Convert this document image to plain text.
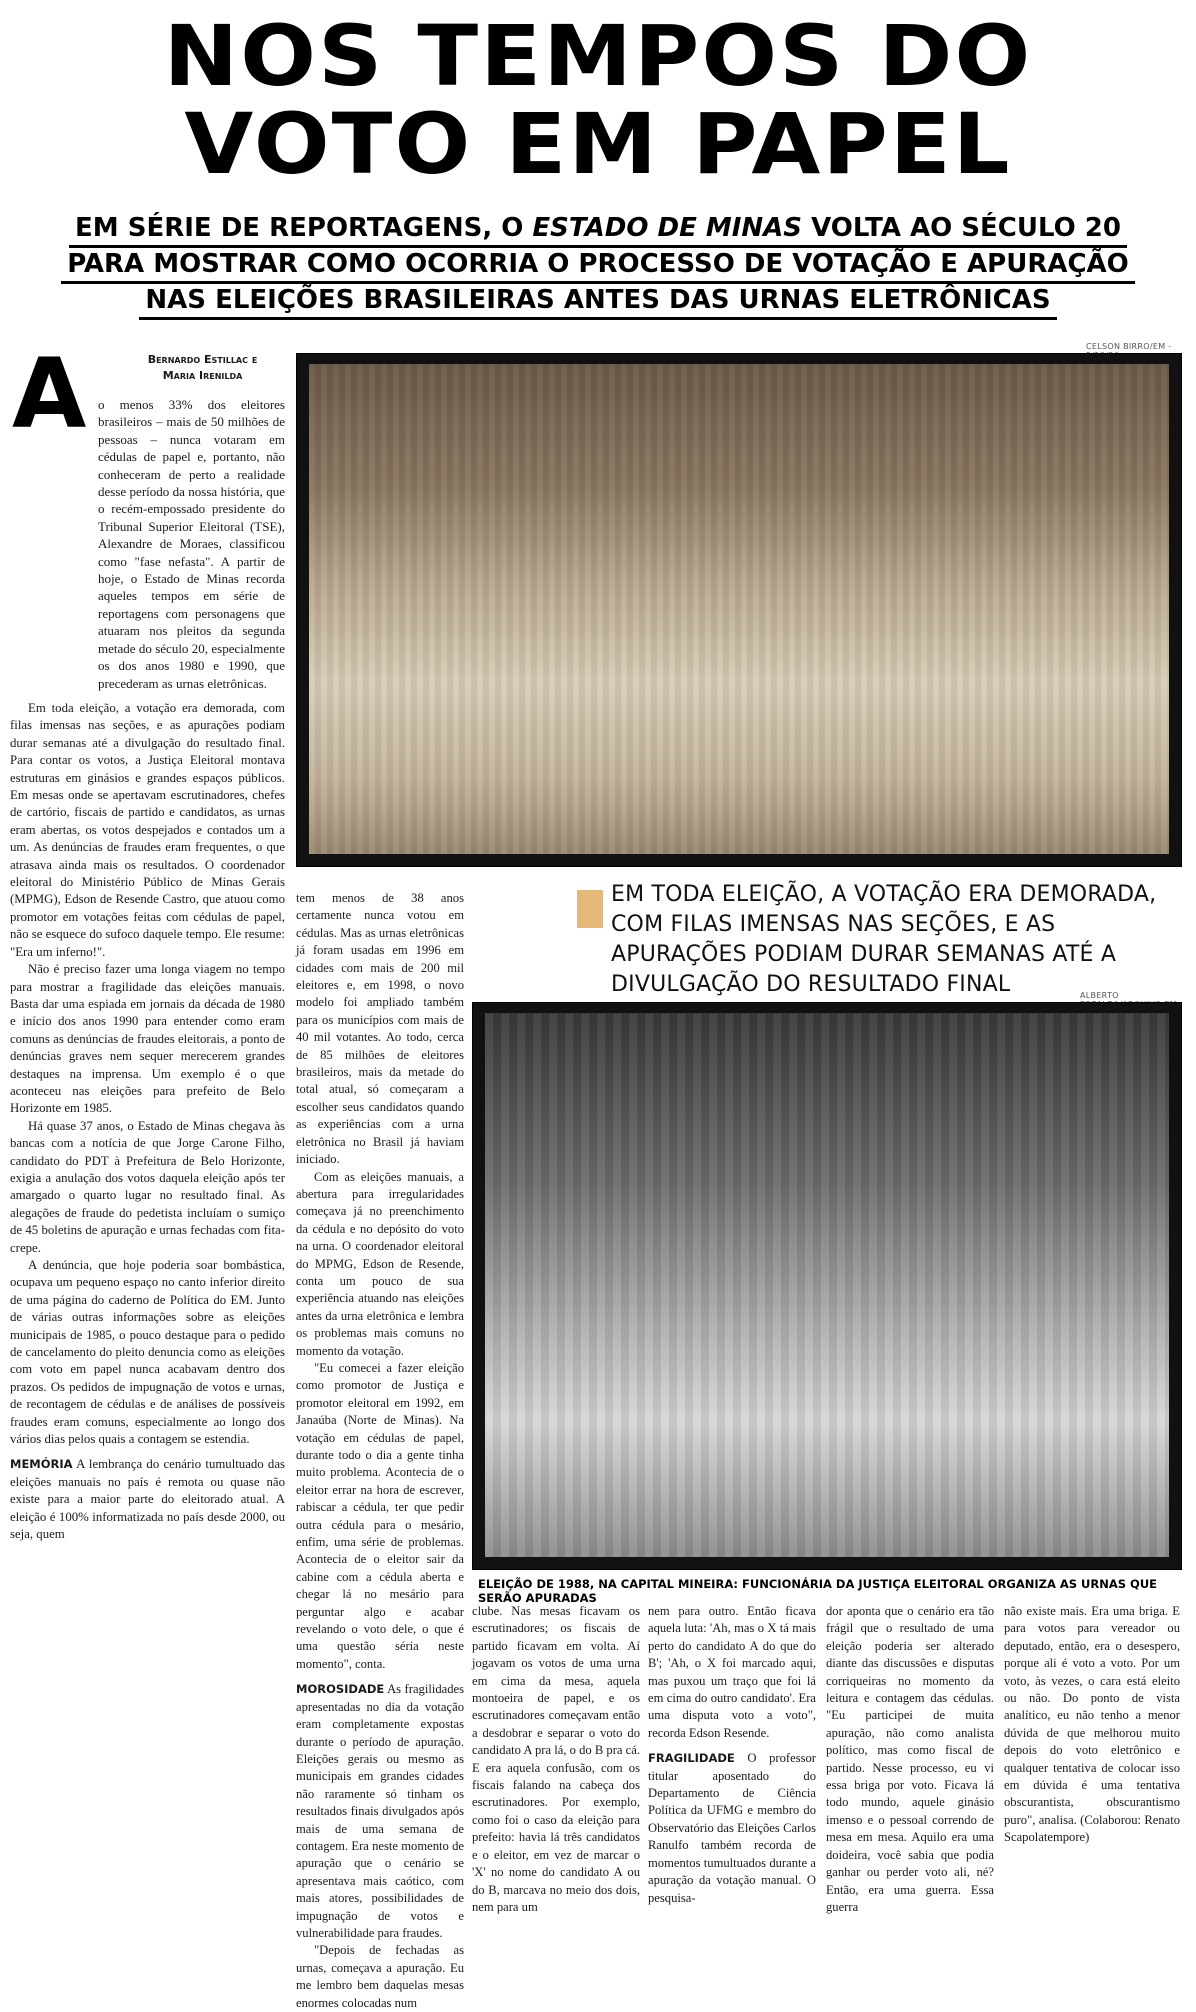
NOS TEMPOS DO
VOTO EM PAPEL
EM SÉRIE DE REPORTAGENS, O ESTADO DE MINAS VOLTA AO SÉCULO 20
PARA MOSTRAR COMO OCORRIA O PROCESSO DE VOTAÇÃO E APURAÇÃO
NAS ELEIÇÕES BRASILEIRAS ANTES DAS URNAS ELETRÔNICAS
CELSON BIRRO/EM -
EM TODA ELEIÇÃO, A VOTAÇÃO ERA DEMORADA, COM FILAS IMENSAS NAS SEÇÕES, E AS APURAÇÕES PODIAM DURAR SEMANAS ATÉ A DIVULGAÇÃO DO RESULTADO FINAL	ALBERTO
ELEIÇÃO DE 1988, NA CAPITAL MINEIRA: FUNCIONÁRIA DA JUSTIÇA ELEITORAL ORGANIZA AS URNAS QUE SERÃO APURADAS
A	Bernardo Estillac e
Maria Irenilda

o menos 33% dos eleitores brasileiros – mais de 50 milhões de pessoas – nunca votaram em cédulas de papel e, portanto, não conheceram de perto a realidade desse período da nossa história, que o recém-empossado presidente do Tribunal Superior Eleitoral (TSE), Alexandre de Moraes, classificou como "fase nefasta". A partir de hoje, o Estado de Minas recorda aqueles tempos em série de reportagens com personagens que atuaram nos pleitos da segunda metade do século 20, especialmente os dos anos 1980 e 1990, que precederam as urnas eletrônicas.

Em toda eleição, a votação era demorada, com filas imensas nas seções, e as apurações podiam durar semanas até a divulgação do resultado final. Para contar os votos, a Justiça Eleitoral montava estruturas em ginásios e grandes espaços públicos. Em mesas onde se apertavam escrutinadores, chefes de cartório, fiscais de partido e candidatos, as urnas eram abertas, os votos despejados e contados um a um. As denúncias de fraudes eram frequentes, o que atrasava ainda mais os resultados. O coordenador eleitoral do Ministério Público de Minas Gerais (MPMG), Edson de Resende Castro, que atuou como promotor em votações feitas com cédulas de papel, não se esquece do sufoco daquele tempo. Ele resume: "Era um inferno!".

Não é preciso fazer uma longa viagem no tempo para mostrar a fragilidade das eleições manuais. Basta dar uma espiada em jornais da década de 1980 e início dos anos 1990 para entender como eram comuns as denúncias de fraudes eleitorais, a ponto de denúncias graves nem sequer merecerem grandes destaques na imprensa. Um exemplo é o que aconteceu nas eleições para prefeito de Belo Horizonte em 1985.

Há quase 37 anos, o Estado de Minas chegava às bancas com a notícia de que Jorge Carone Filho, candidato do PDT à Prefeitura de Belo Horizonte, exigia a anulação dos votos daquela eleição após ter amargado o quarto lugar no resultado final. As alegações de fraude do pedetista incluíam o sumiço de 45 boletins de apuração e urnas fechadas com fita-crepe.

A denúncia, que hoje poderia soar bombástica, ocupava um pequeno espaço no canto inferior direito de uma página do caderno de Política do EM. Junto de várias outras informações sobre as eleições municipais de 1985, o pouco destaque para o pedido de cancelamento do pleito denuncia como as eleições com voto em papel nunca acabavam dentro dos prazos. Os pedidos de impugnação de votos e urnas, de recontagem de cédulas e de análises de possíveis fraudes eram comuns, especialmente ao longo dos vários dias pelos quais a contagem se estendia.

MEMÓRIA A lembrança do cenário tumultuado das eleições manuais no país é remota ou quase não existe para a maior parte do eleitorado atual. A eleição é 100% informatizada no país desde 2000, ou seja, quem

tem menos de 38 anos certamente nunca votou em cédulas. Mas as urnas eletrônicas já foram usadas em 1996 em cidades com mais de 200 mil eleitores e, em 1998, o novo modelo foi ampliado também para os municípios com mais de 40 mil votantes. Ao todo, cerca de 85 milhões de eleitores brasileiros, mais da metade do total atual, só começaram a escolher seus candidatos quando as experiências com a urna eletrônica no Brasil já haviam iniciado.

Com as eleições manuais, a abertura para irregularidades começava já no preenchimento da cédula e no depósito do voto na urna. O coordenador eleitoral do MPMG, Edson de Resende, conta um pouco de sua experiência atuando nas eleições antes da urna eletrônica e lembra os problemas mais comuns no momento da votação.

"Eu comecei a fazer eleição como promotor de Justiça e promotor eleitoral em 1992, em Janaúba (Norte de Minas). Na votação em cédulas de papel, durante todo o dia a gente tinha muito problema. Acontecia de o eleitor errar na hora de escrever, rabiscar a cédula, ter que pedir outra cédula para o mesário, enfim, uma série de problemas. Acontecia de o eleitor sair da cabine com a cédula aberta e chegar lá no mesário para perguntar algo e acabar revelando o voto dele, o que é uma questão séria neste momento", conta.

MOROSIDADE As fragilidades apresentadas no dia da votação eram completamente expostas durante o período de apuração. Eleições gerais ou mesmo as municipais em grandes cidades não raramente só tinham os resultados finais divulgados após mais de uma semana de contagem. Era neste momento de apuração que o cenário se apresentava mais caótico, com mais atores, possibilidades de impugnação de votos e vulnerabilidade para fraudes.

"Depois de fechadas as urnas, começava a apuração. Eu me lembro bem daquelas mesas enormes colocadas num

clube. Nas mesas ficavam os escrutinadores; os fiscais de partido ficavam em volta. Aí jogavam os votos de uma urna em cima da mesa, aquela montoeira de papel, e os escrutinadores começavam então a desdobrar e separar o voto do candidato A pra lá, o do B pra cá. E era aquela confusão, com os fiscais falando na cabeça dos escrutinadores. Por exemplo, como foi o caso da eleição para prefeito: havia lá três candidatos e o eleitor, em vez de marcar o 'X' no nome do candidato A ou do B, marcava no meio dos dois, nem para um

nem para outro. Então ficava aquela luta: 'Ah, mas o X tá mais perto do candidato A do que do B'; 'Ah, o X foi marcado aqui, mas puxou um traço que foi lá em cima do outro candidato'. Era uma disputa voto a voto", recorda Edson Resende.

FRAGILIDADE O professor titular aposentado do Departamento de Ciência Política da UFMG e membro do Observatório das Eleições Carlos Ranulfo também recorda de momentos tumultuados durante a apuração da votação manual. O pesquisa-

dor aponta que o cenário era tão frágil que o resultado de uma eleição poderia ser alterado diante das discussões e disputas corriqueiras no momento da leitura e contagem das cédulas. "Eu participei de muita apuração, não como analista político, mas como fiscal de partido. Nesse processo, eu vi essa briga por voto. Ficava lá todo mundo, aquele ginásio imenso e o pessoal correndo de mesa em mesa. Aquilo era uma doideira, você sabia que podia ganhar ou perder voto ali, né? Então, era uma guerra. Essa guerra

não existe mais. Era uma briga. E para votos para vereador ou deputado, então, era o desespero, porque ali é voto a voto. Por um voto, às vezes, o cara está eleito ou não. Do ponto de vista analítico, eu não tenho a menor dúvida de que melhorou muito depois do voto eletrônico e qualquer tentativa de colocar isso em dúvida é uma tentativa obscurantista, obscurantismo puro", analisa. (Colaborou: Renato Scapolatempore)
